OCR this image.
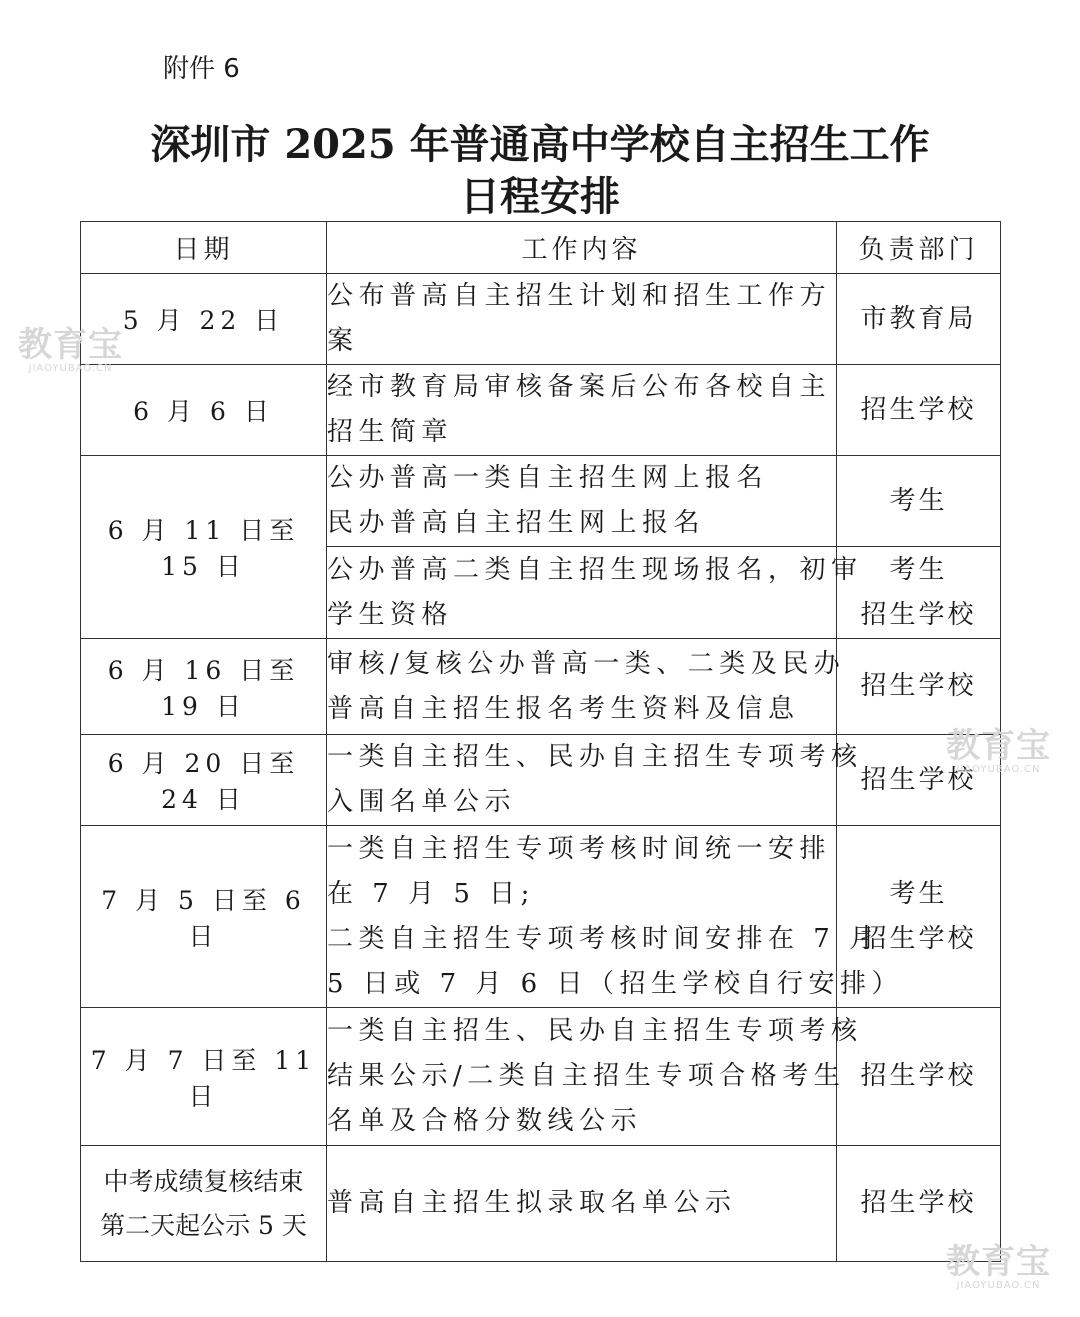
附件 6
深圳市 2025 年普通高中学校自主招生工作
日程安排
日期	工作内容	负责部门
5 月 22 日	公布普高自主招生计划和招生工作方
案	市教育局

6 月 6 日	经市教育局审核备案后公布各校自主
招生简章	招生学校

6 月 11 日至 15 日	公办普高一类自主招生网上报名
民办普高自主招生网上报名	考生

	公办普高二类自主招生现场报名，初审
学生资格	考生
招生学校

6 月 16 日至 19 日	审核/复核公办普高一类、二类及民办
普高自主招生报名考生资料及信息	招生学校

6 月 20 日至 24 日	一类自主招生、民办自主招生专项考核
入围名单公示	招生学校

7 月 5 日至 6 日	一类自主招生专项考核时间统一安排
在 7 月 5 日;
二类自主招生专项考核时间安排在 7 月
5 日或 7 月 6 日（招生学校自行安排）	考生
招生学校

7 月 7 日至 11 日	一类自主招生、民办自主招生专项考核
结果公示/二类自主招生专项合格考生
名单及合格分数线公示	招生学校

中考成绩复核结束
第二天起公示 5 天	普高自主招生拟录取名单公示	招生学校
教育宝
JIAOYUBAO.CN
教育宝
JIAOYUBAO.CN
教育宝
JIAOYUBAO.CN
